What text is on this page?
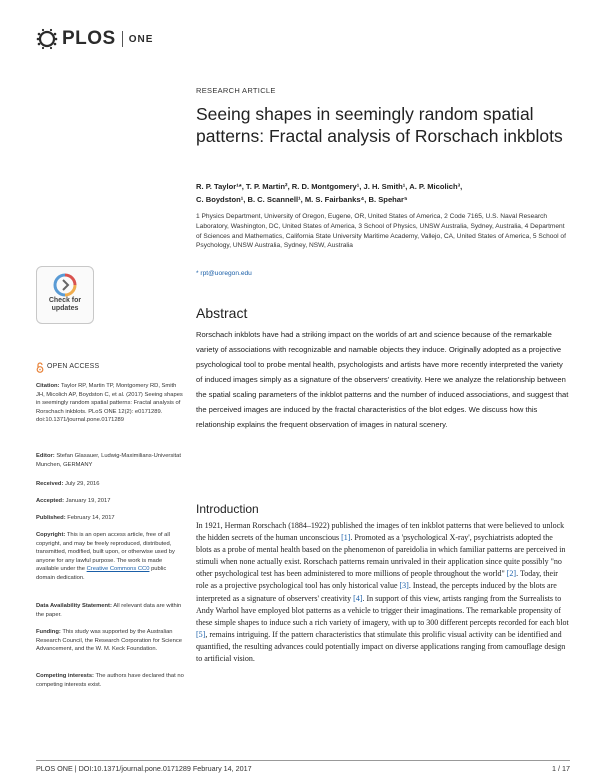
PLOS ONE
RESEARCH ARTICLE
Seeing shapes in seemingly random spatial patterns: Fractal analysis of Rorschach inkblots
R. P. Taylor¹*, T. P. Martin², R. D. Montgomery¹, J. H. Smith¹, A. P. Micolich³,
C. Boydston¹, B. C. Scannell¹, M. S. Fairbanks⁴, B. Spehar⁵
1 Physics Department, University of Oregon, Eugene, OR, United States of America, 2 Code 7165, U.S. Naval Research Laboratory, Washington, DC, United States of America, 3 School of Physics, UNSW Australia, Sydney, Australia, 4 Department of Sciences and Mathematics, California State University Maritime Academy, Vallejo, CA, United States of America, 5 School of Psychology, UNSW Australia, Sydney, NSW, Australia
* rpt@uoregon.edu
Abstract
Rorschach inkblots have had a striking impact on the worlds of art and science because of the remarkable variety of associations with recognizable and namable objects they induce. Originally adopted as a projective psychological tool to probe mental health, psychologists and artists have more recently interpreted the variety of induced images simply as a signature of the observers' creativity. Here we analyze the relationship between the spatial scaling parameters of the inkblot patterns and the number of induced associations, and suggest that the perceived images are induced by the fractal characteristics of the blot edges. We discuss how this relationship explains the frequent observation of images in natural scenery.
Introduction
In 1921, Herman Rorschach (1884–1922) published the images of ten inkblot patterns that were believed to unlock the hidden secrets of the human unconscious [1]. Promoted as a 'psychological X-ray', psychiatrists adopted the blots as a probe of mental health based on the phenomenon of pareidolia in which familiar patterns are perceived in stimuli when none actually exist. Rorschach patterns remain unrivaled in their application since quite possibly "no other psychological test has been administered to more millions of people throughout the world" [2]. Today, their role as a projective psychological tool has only historical value [3]. Instead, the percepts induced by the blots are interpreted as a signature of observers' creativity [4]. In support of this view, artists ranging from the Surrealists to Andy Warhol have employed blot patterns as a vehicle to trigger their imaginations. The remarkable propensity of these simple shapes to induce such a rich variety of imagery, with up to 300 different percepts recorded for each blot [5], remains intriguing. If the pattern characteristics that stimulate this prolific visual activity can be identified and quantified, the resulting advances could potentially impact on diverse applications ranging from camouflage design to artificial vision.
Check for
updates
OPEN ACCESS
Citation: Taylor RP, Martin TP, Montgomery RD, Smith JH, Micolich AP, Boydston C, et al. (2017) Seeing shapes in seemingly random spatial patterns: Fractal analysis of Rorschach inkblots. PLoS ONE 12(2): e0171289. doi:10.1371/journal.pone.0171289
Editor: Stefan Glasauer, Ludwig-Maximilians-Universitat Munchen, GERMANY
Received: July 29, 2016
Accepted: January 19, 2017
Published: February 14, 2017
Copyright: This is an open access article, free of all copyright, and may be freely reproduced, distributed, transmitted, modified, built upon, or otherwise used by anyone for any lawful purpose. The work is made available under the Creative Commons CC0 public domain dedication.
Data Availability Statement: All relevant data are within the paper.
Funding: This study was supported by the Australian Research Council, the Research Corporation for Science Advancement, and the W. M. Keck Foundation.
Competing interests: The authors have declared that no competing interests exist.
PLOS ONE | DOI:10.1371/journal.pone.0171289 February 14, 2017	1 / 17
